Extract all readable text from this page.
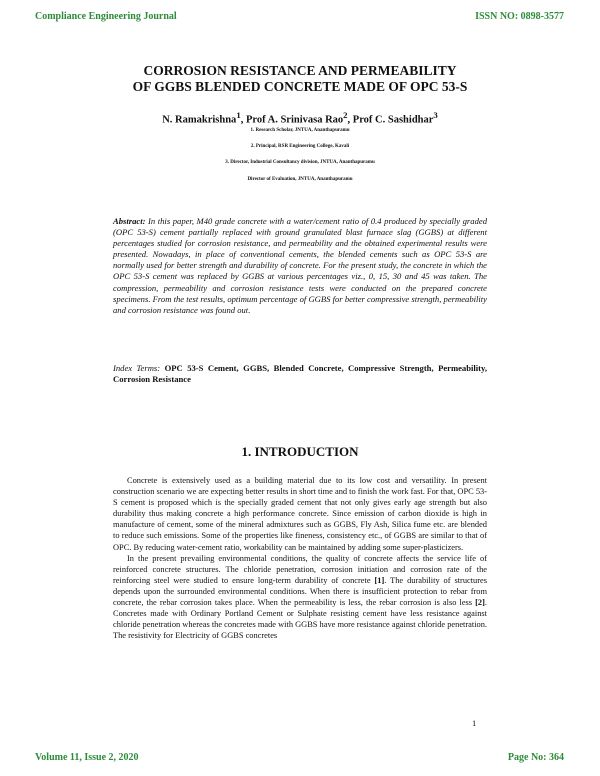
Compliance Engineering Journal	ISSN NO: 0898-3577
CORROSION RESISTANCE AND PERMEABILITY
OF GGBS BLENDED CONCRETE MADE OF OPC 53-S
N. Ramakrishna$^1$, Prof A. Srinivasa Rao$^2$, Prof C. Sashidhar$^3$
1. Research Scholar, JNTUA, Ananthapuramu
2. Principal, RSR Engineering College, Kavali
3. Director, Industrial Consultancy division, JNTUA, Ananthapuramu
Director of Evaluation, JNTUA, Ananthapuramu

Abstract: In this paper, M40 grade concrete with a water/cement ratio of 0.4 produced by specially graded (OPC 53-S) cement partially replaced with ground granulated blast furnace slag (GGBS) at different percentages studied for corrosion resistance, and permeability and the obtained experimental results were presented. Nowadays, in place of conventional cements, the blended cements such as OPC 53-S are normally used for better strength and durability of concrete. For the present study, the concrete in which the OPC 53-S cement was replaced by GGBS at various percentages viz., 0, 15, 30 and 45 was taken. The compression, permeability and corrosion resistance tests were conducted on the prepared concrete specimens. From the test results, optimum percentage of GGBS for better compressive strength, permeability and corrosion resistance was found out.

Index Terms: OPC 53-S Cement, GGBS, Blended Concrete, Compressive Strength, Permeability, Corrosion Resistance

1. INTRODUCTION

Concrete is extensively used as a building material due to its low cost and versatility. In present construction scenario we are expecting better results in short time and to finish the work fast. For that, OPC 53-S cement is proposed which is the specially graded cement that not only gives early age strength but also durability thus making concrete a high performance concrete. Since emission of carbon dioxide is high in manufacture of cement, some of the mineral admixtures such as GGBS, Fly Ash, Silica fume etc. are blended to reduce such emissions. Some of the properties like fineness, consistency etc., of GGBS are similar to that of OPC. By reducing water-cement ratio, workability can be maintained by adding some super-plasticizers.

In the present prevailing environmental conditions, the quality of concrete affects the service life of reinforced concrete structures. The chloride penetration, corrosion initiation and corrosion rate of the reinforcing steel were studied to ensure long-term durability of concrete [1]. The durability of structures depends upon the surrounded environmental conditions. When there is insufficient protection to rebar from concrete, the rebar corrosion takes place. When the permeability is less, the rebar corrosion is also less [2]. Concretes made with Ordinary Portland Cement or Sulphate resisting cement have less resistance against chloride penetration whereas the concretes made with GGBS have more resistance against chloride penetration. The resistivity for Electricity of GGBS concretes

1
Volume 11, Issue 2, 2020	Page No: 364
